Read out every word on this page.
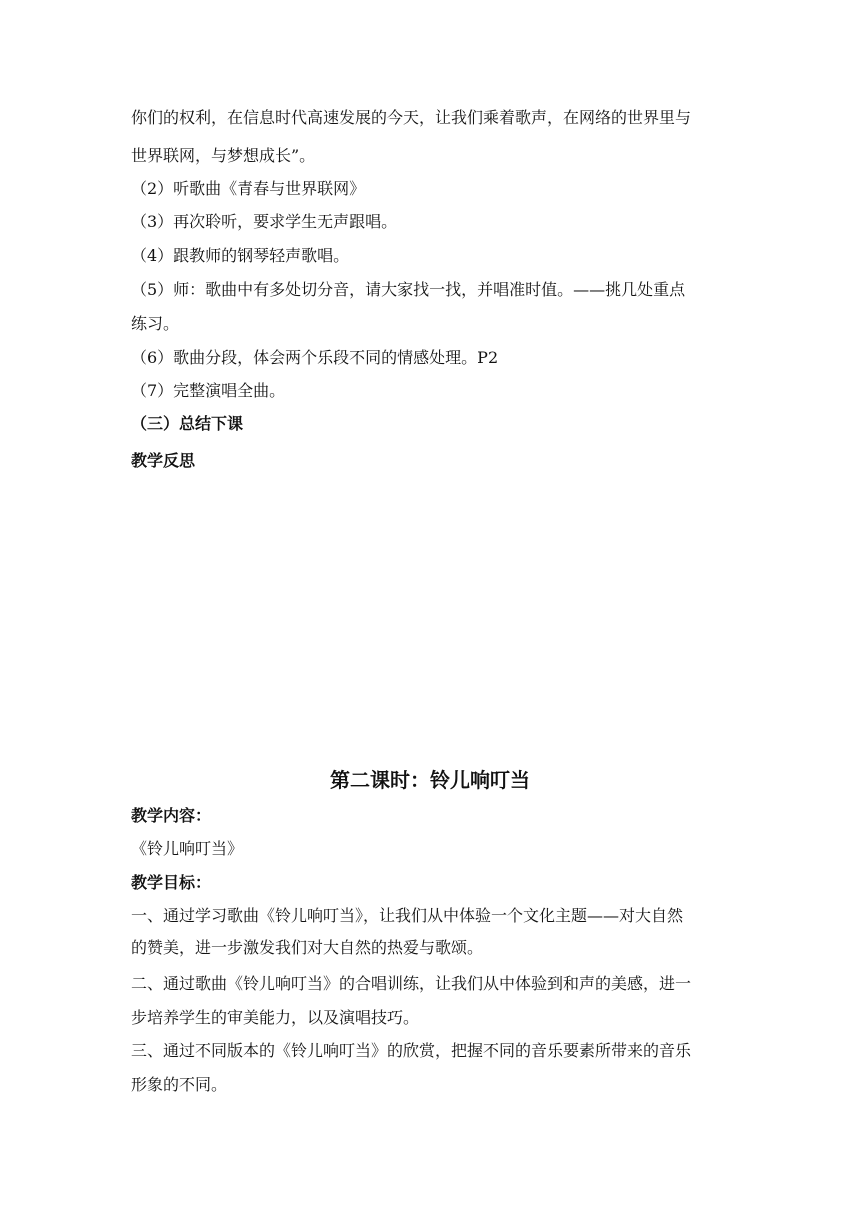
你们的权利，在信息时代高速发展的今天，让我们乘着歌声，在网络的世界里与
世界联网，与梦想成长”。
（2）听歌曲《青春与世界联网》
（3）再次聆听，要求学生无声跟唱。
（4）跟教师的钢琴轻声歌唱。
（5）师：歌曲中有多处切分音，请大家找一找，并唱准时值。——挑几处重点
练习。
（6）歌曲分段，体会两个乐段不同的情感处理。P2
（7）完整演唱全曲。
（三）总结下课
教学反思
第二课时：铃儿响叮当
教学内容：
《铃儿响叮当》
教学目标：
一、通过学习歌曲《铃儿响叮当》，让我们从中体验一个文化主题——对大自然
的赞美，进一步激发我们对大自然的热爱与歌颂。
二、通过歌曲《铃儿响叮当》的合唱训练，让我们从中体验到和声的美感，进一
步培养学生的审美能力，以及演唱技巧。
三、通过不同版本的《铃儿响叮当》的欣赏，把握不同的音乐要素所带来的音乐
形象的不同。
